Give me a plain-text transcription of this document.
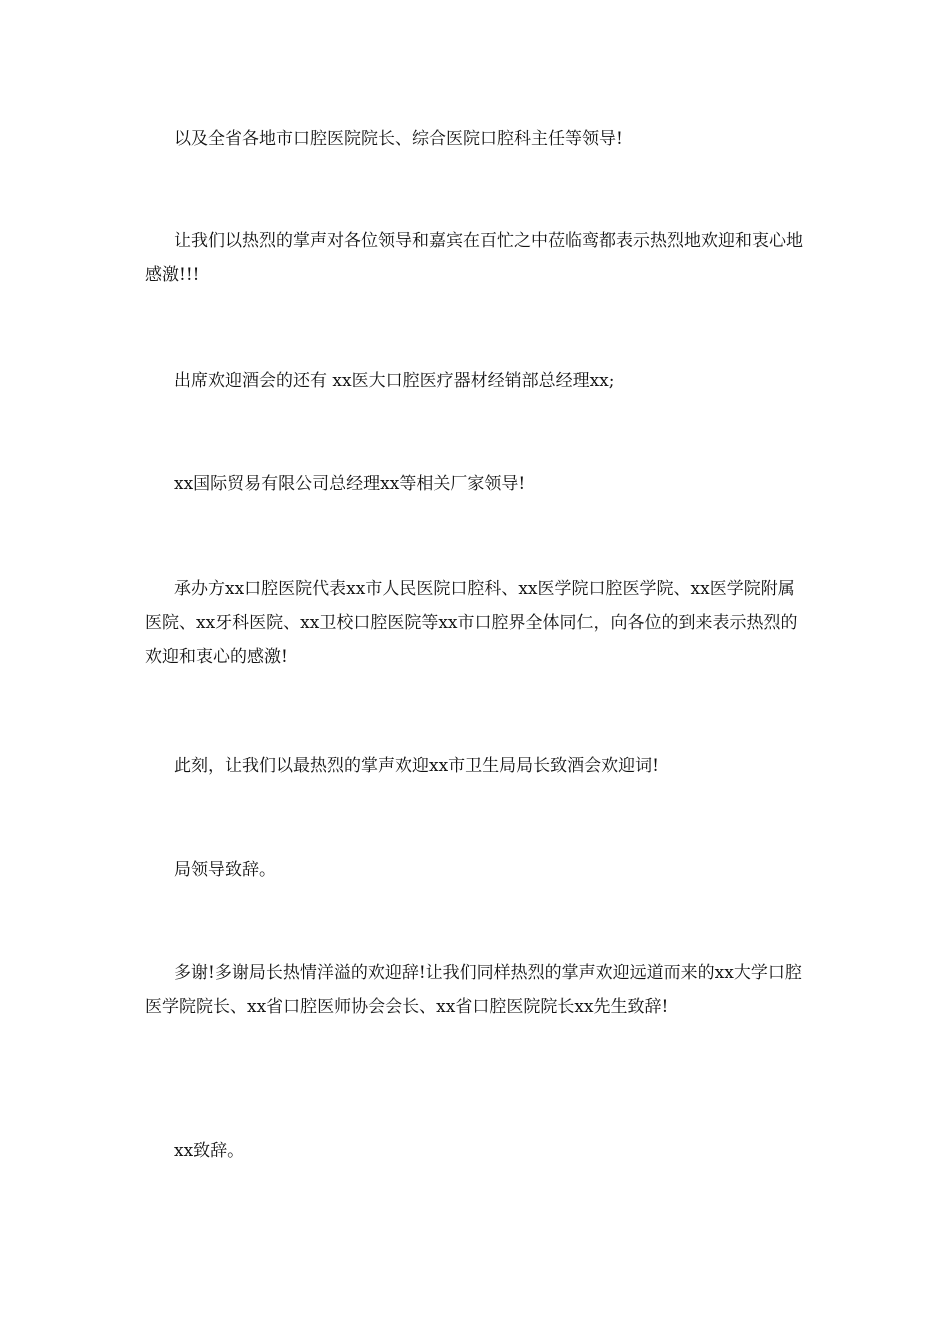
以及全省各地市口腔医院院长、综合医院口腔科主任等领导!

让我们以热烈的掌声对各位领导和嘉宾在百忙之中莅临鸾都表示热烈地欢迎和衷心地感激!!!

出席欢迎酒会的还有 xx医大口腔医疗器材经销部总经理xx;

xx国际贸易有限公司总经理xx等相关厂家领导!

承办方xx口腔医院代表xx市人民医院口腔科、xx医学院口腔医学院、xx医学院附属医院、xx牙科医院、xx卫校口腔医院等xx市口腔界全体同仁，向各位的到来表示热烈的欢迎和衷心的感激!

此刻，让我们以最热烈的掌声欢迎xx市卫生局局长致酒会欢迎词!

局领导致辞。

多谢!多谢局长热情洋溢的欢迎辞!让我们同样热烈的掌声欢迎远道而来的xx大学口腔医学院院长、xx省口腔医师协会会长、xx省口腔医院院长xx先生致辞!

xx致辞。
